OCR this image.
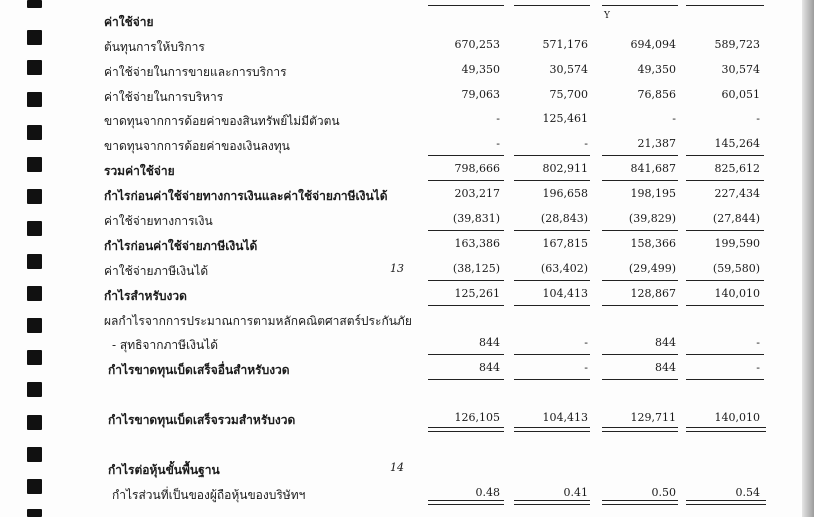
ค่าใช้จ่าย	Y
ต้นทุนการให้บริการ	670,253	571,176	694,094	589,723
ค่าใช้จ่ายในการขายและการบริการ	49,350	30,574	49,350	30,574
ค่าใช้จ่ายในการบริหาร	79,063	75,700	76,856	60,051
ขาดทุนจากการด้อยค่าของสินทรัพย์ไม่มีตัวตน	-	125,461	-	-
ขาดทุนจากการด้อยค่าของเงินลงทุน	-	-	21,387	145,264
รวมค่าใช้จ่าย	798,666	802,911	841,687	825,612
กำไรก่อนค่าใช้จ่ายทางการเงินและค่าใช้จ่ายภาษีเงินได้	203,217	196,658	198,195	227,434
ค่าใช้จ่ายทางการเงิน	(39,831)	(28,843)	(39,829)	(27,844)
กำไรก่อนค่าใช้จ่ายภาษีเงินได้	163,386	167,815	158,366	199,590
ค่าใช้จ่ายภาษีเงินได้	13	(38,125)	(63,402)	(29,499)	(59,580)
กำไรสำหรับงวด	125,261	104,413	128,867	140,010
ผลกำไรจากการประมาณการตามหลักคณิตศาสตร์ประกันภัย
- สุทธิจากภาษีเงินได้	844	-	844	-
กำไรขาดทุนเบ็ดเสร็จอื่นสำหรับงวด	844	-	844	-
กำไรขาดทุนเบ็ดเสร็จรวมสำหรับงวด	126,105	104,413	129,711	140,010
กำไรต่อหุ้นขั้นพื้นฐาน	14
กำไรส่วนที่เป็นของผู้ถือหุ้นของบริษัทฯ	0.48	0.41	0.50	0.54
